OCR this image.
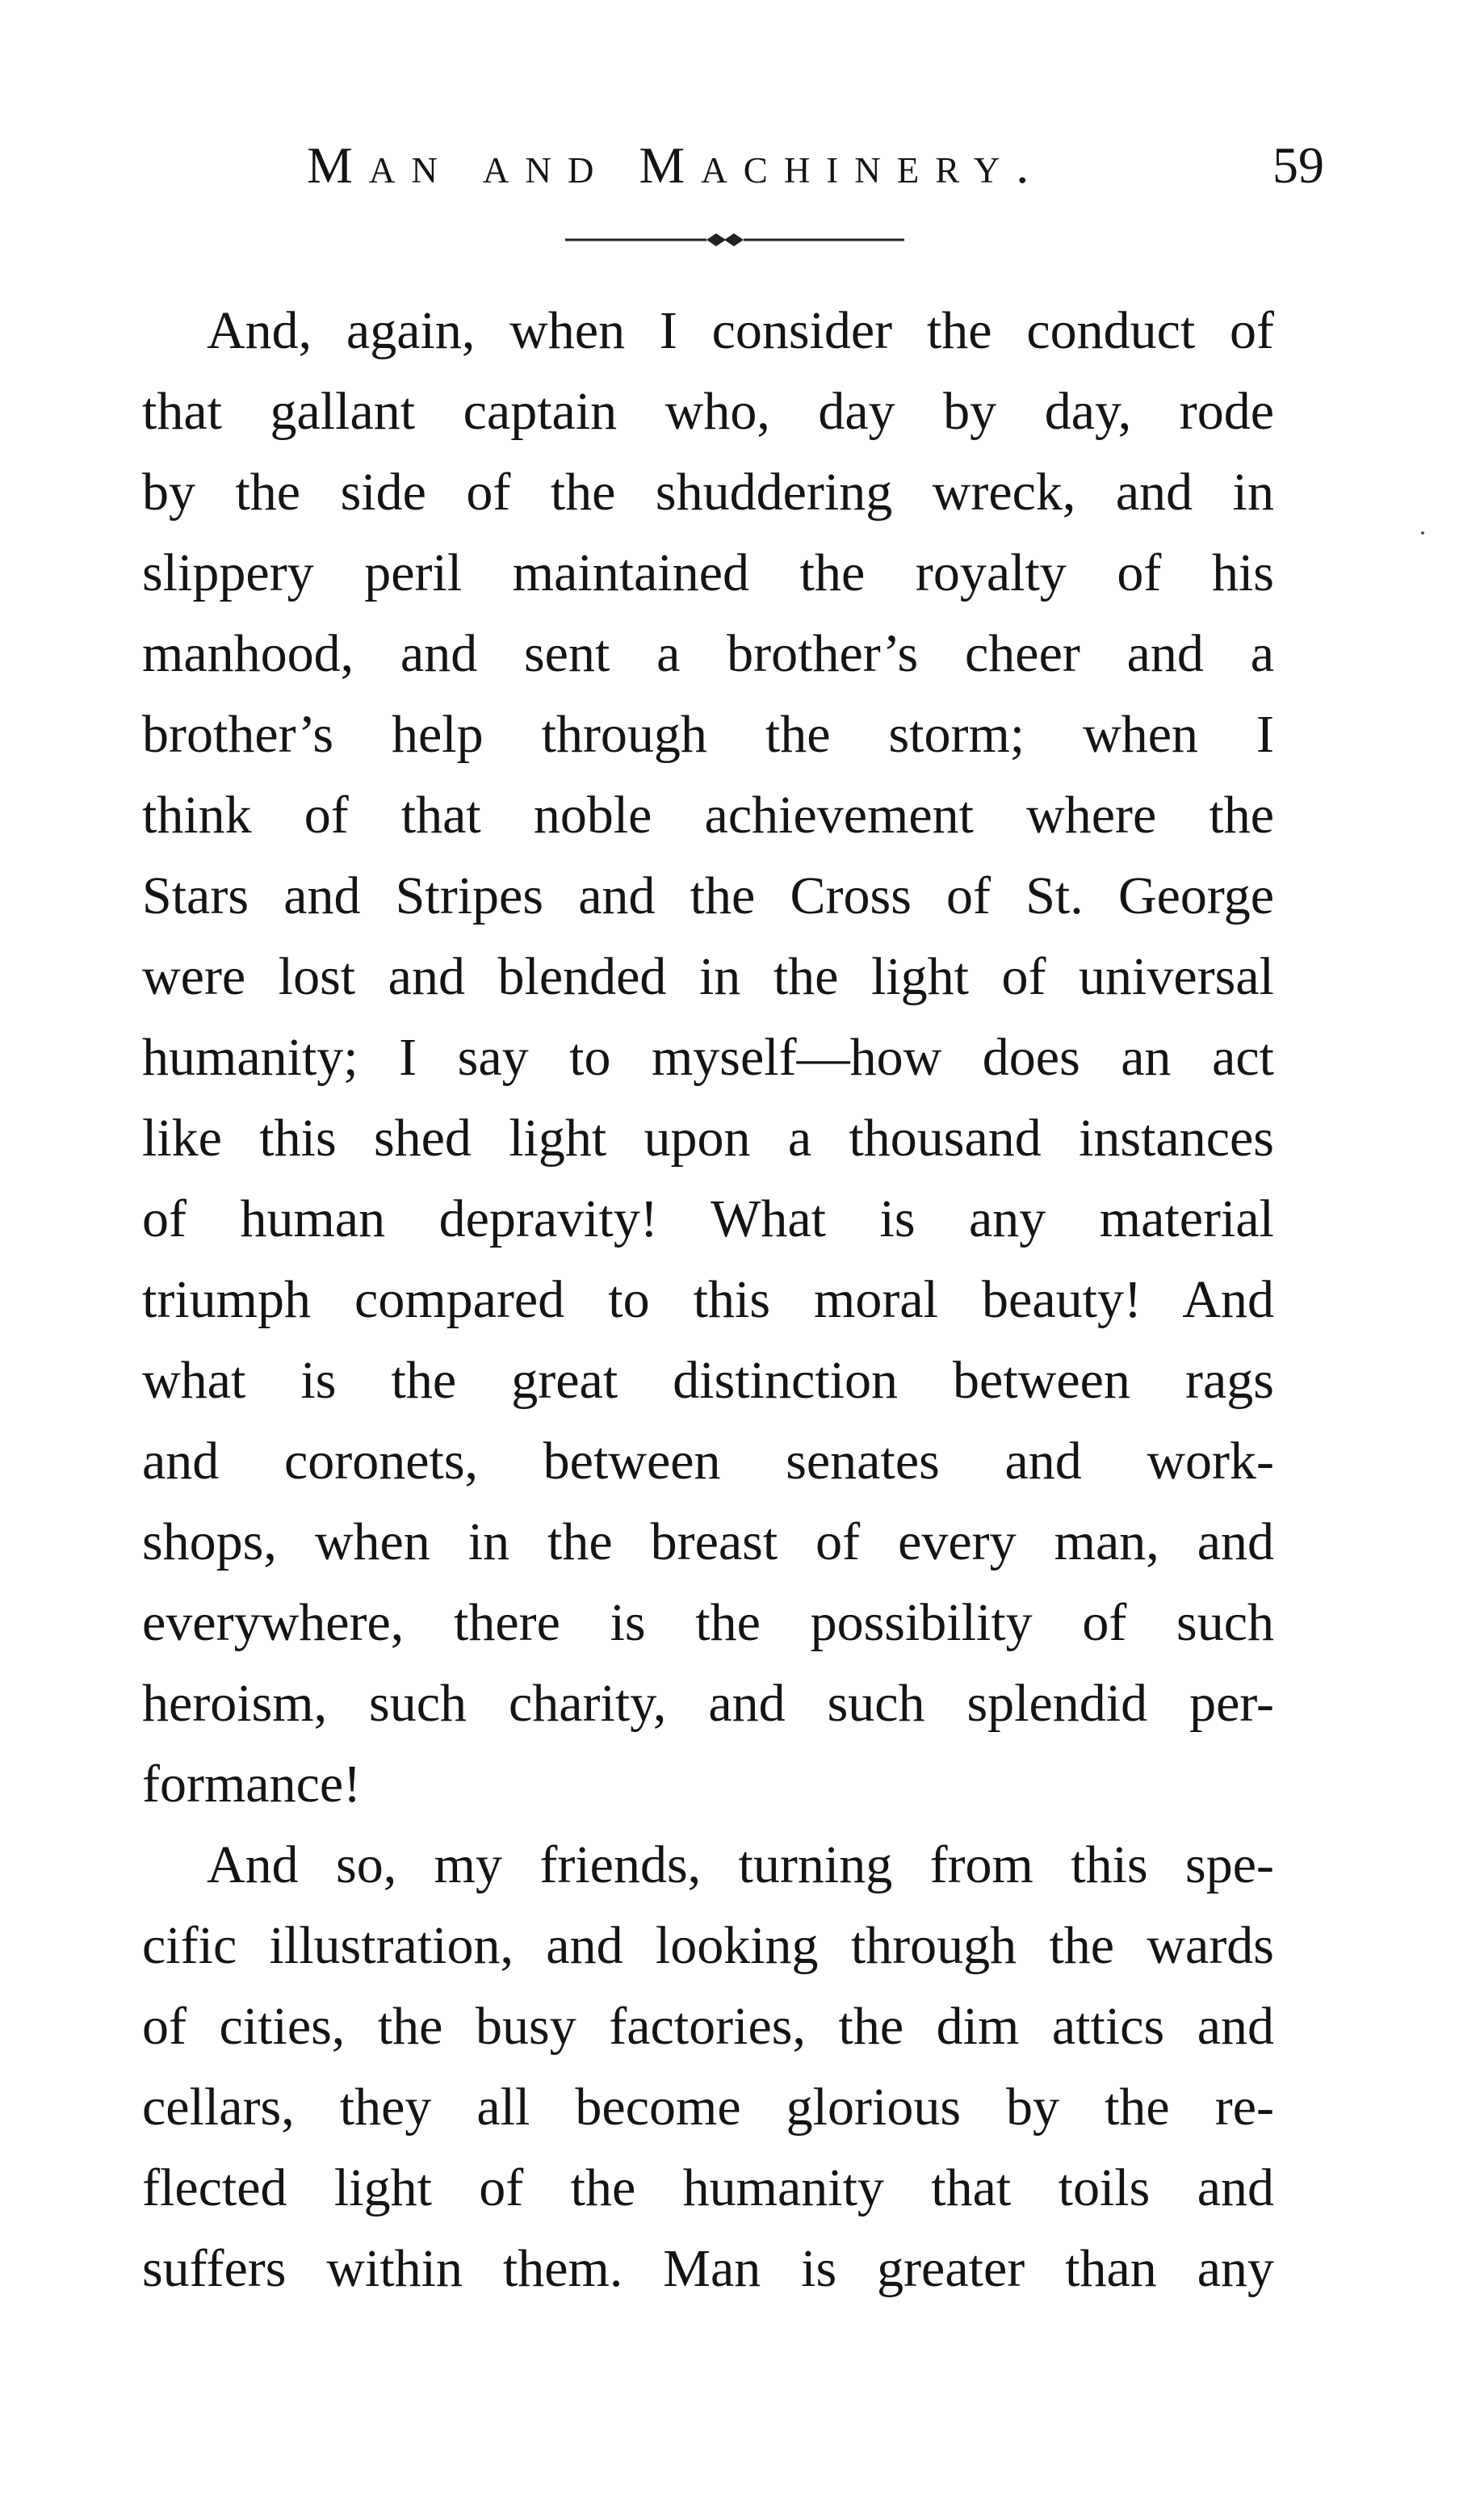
Man and Machinery.	59
And, again, when I consider the conduct of
that gallant captain who, day by day, rode
by the side of the shuddering wreck, and in
slippery peril maintained the royalty of his
manhood, and sent a brother’s cheer and a
brother’s help through the storm; when I
think of that noble achievement where the
Stars and Stripes and the Cross of St. George
were lost and blended in the light of universal
humanity; I say to myself—how does an act
like this shed light upon a thousand instances
of human depravity! What is any material
triumph compared to this moral beauty! And
what is the great distinction between rags
and coronets, between senates and work-
shops, when in the breast of every man, and
everywhere, there is the possibility of such
heroism, such charity, and such splendid per-
formance!
And so, my friends, turning from this spe-
cific illustration, and looking through the wards
of cities, the busy factories, the dim attics and
cellars, they all become glorious by the re-
flected light of the humanity that toils and
suffers within them. Man is greater than any
